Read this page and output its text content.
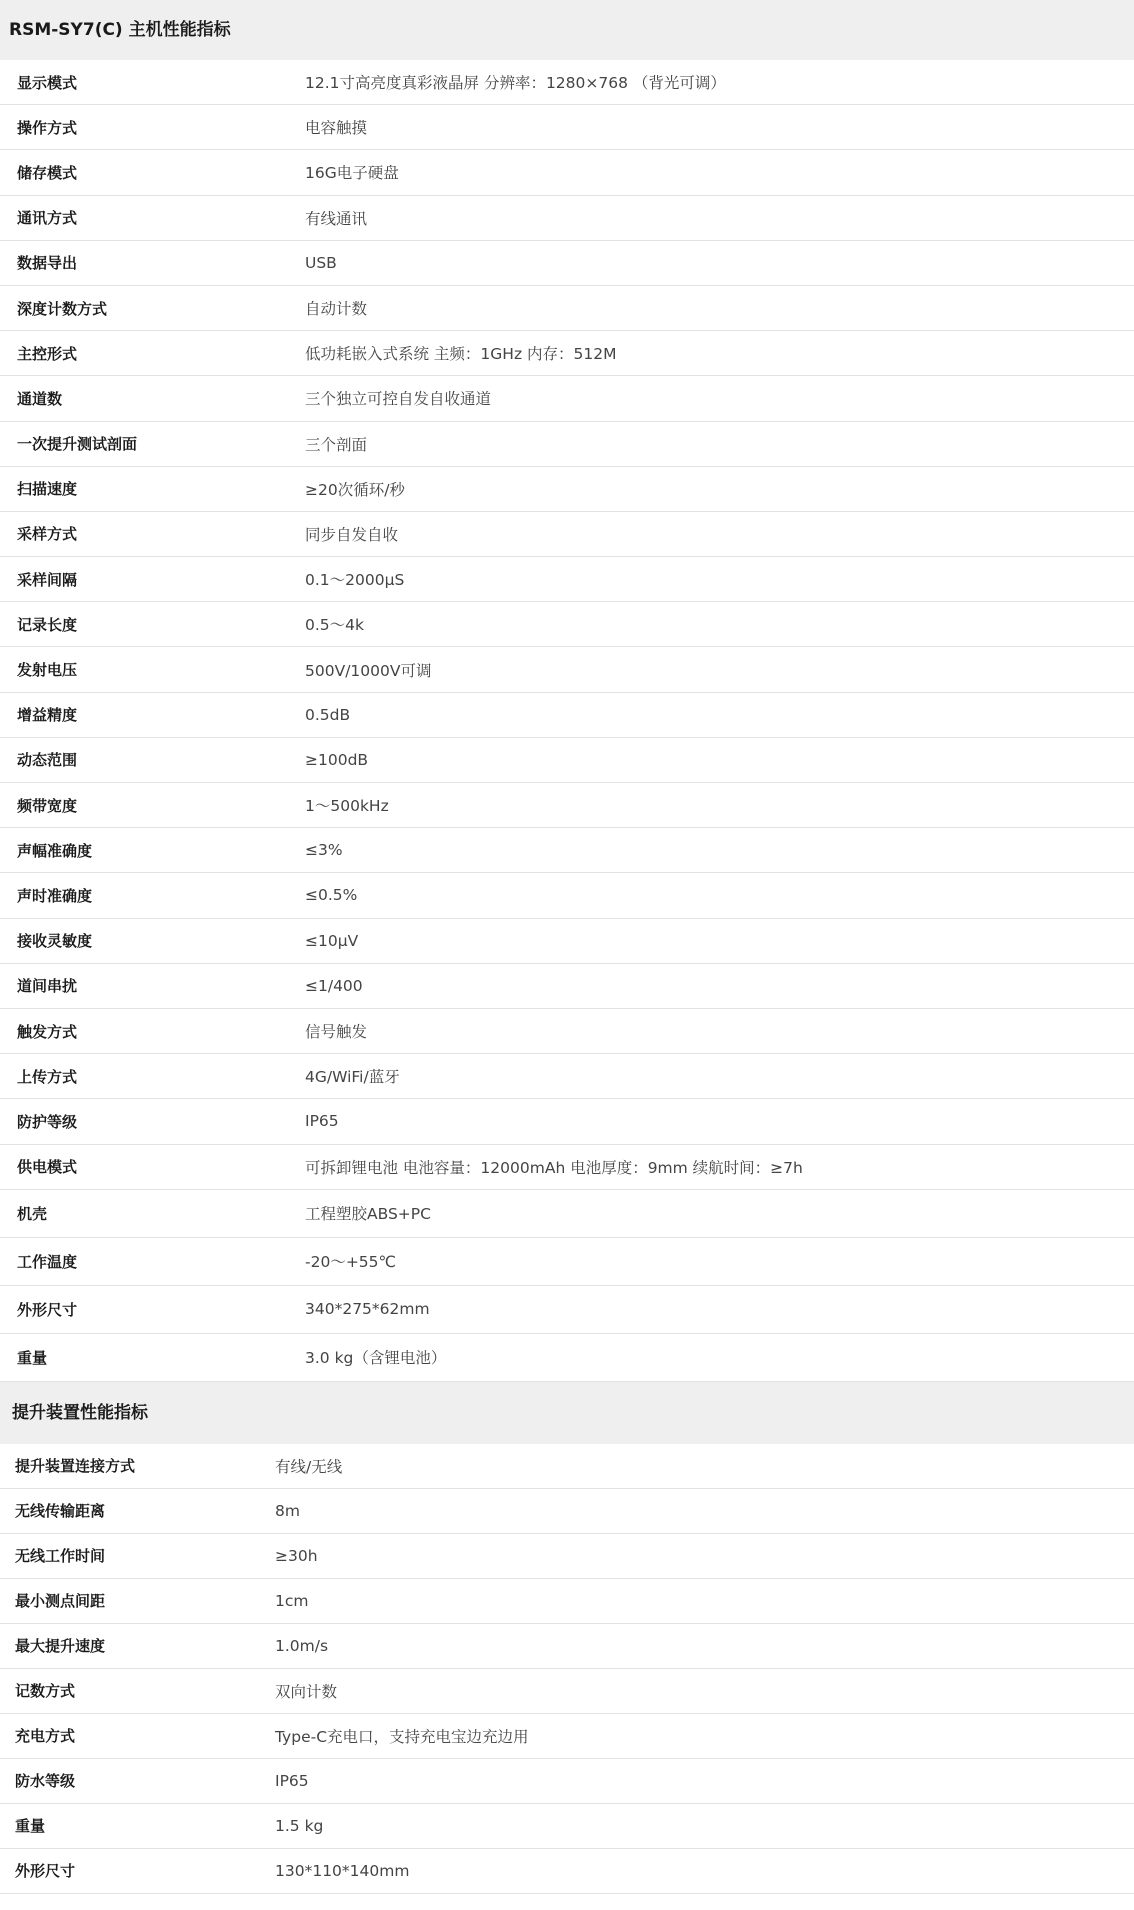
RSM-SY7(C) 主机性能指标
显示模式	12.1寸高亮度真彩液晶屏 分辨率：1280×768 （背光可调）
操作方式	电容触摸
储存模式	16G电子硬盘
通讯方式	有线通讯
数据导出	USB
深度计数方式	自动计数
主控形式	低功耗嵌入式系统 主频：1GHz 内存：512M
通道数	三个独立可控自发自收通道
一次提升测试剖面	三个剖面
扫描速度	≥20次循环/秒
采样方式	同步自发自收
采样间隔	0.1～2000μS
记录长度	0.5～4k
发射电压	500V/1000V可调
增益精度	0.5dB
动态范围	≥100dB
频带宽度	1～500kHz
声幅准确度	≤3%
声时准确度	≤0.5%
接收灵敏度	≤10μV
道间串扰	≤1/400
触发方式	信号触发
上传方式	4G/WiFi/蓝牙
防护等级	IP65
供电模式	可拆卸锂电池 电池容量：12000mAh 电池厚度：9mm 续航时间：≥7h
机壳	工程塑胶ABS+PC
工作温度	-20～+55℃
外形尺寸	340*275*62mm
重量	3.0 kg（含锂电池）
提升装置性能指标
提升装置连接方式	有线/无线
无线传输距离	8m
无线工作时间	≥30h
最小测点间距	1cm
最大提升速度	1.0m/s
记数方式	双向计数
充电方式	Type-C充电口，支持充电宝边充边用
防水等级	IP65
重量	1.5 kg
外形尺寸	130*110*140mm
